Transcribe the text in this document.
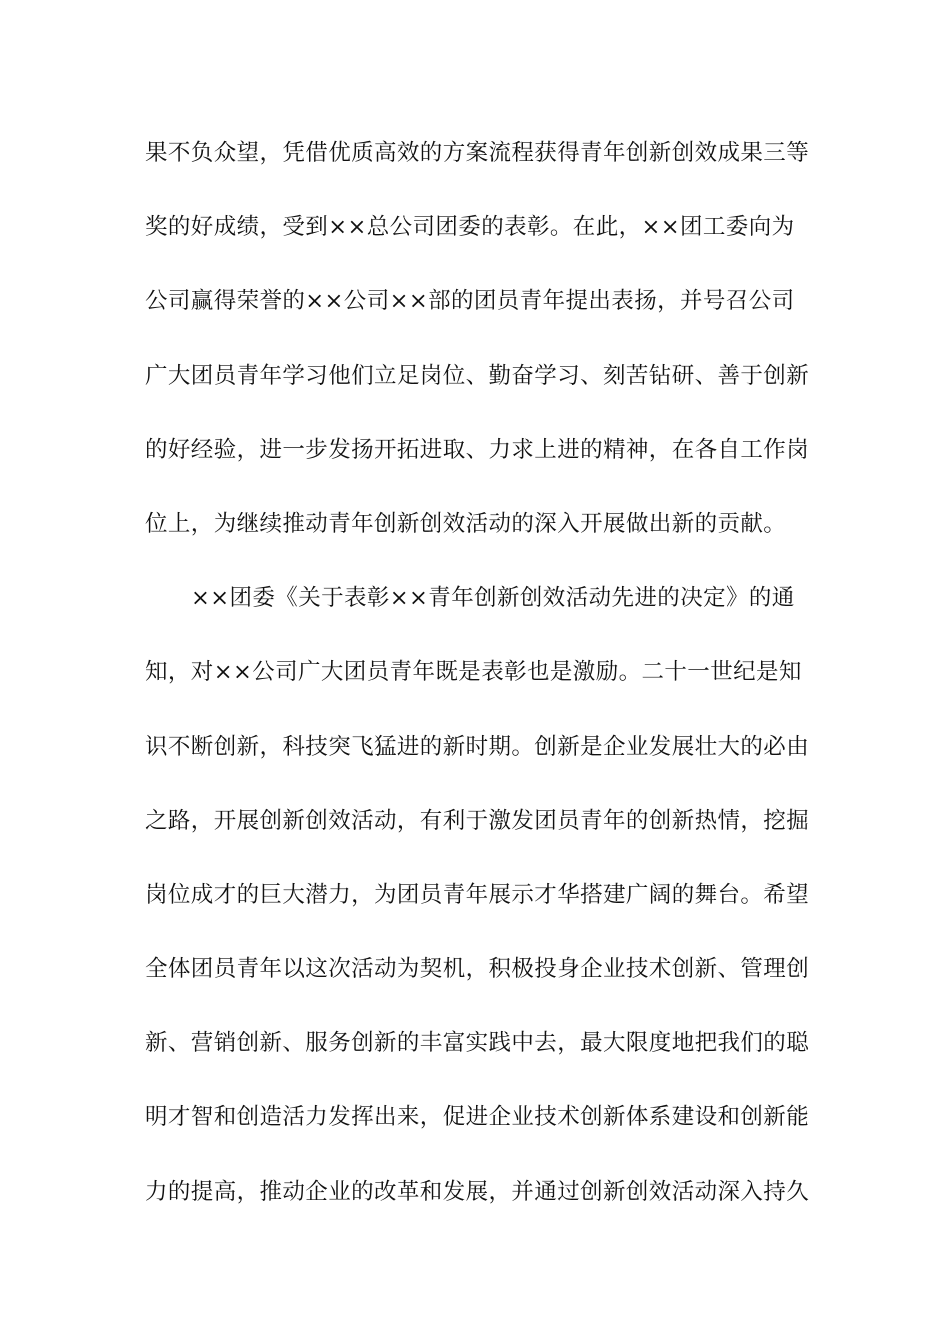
果不负众望，凭借优质高效的方案流程获得青年创新创效成果三等
奖的好成绩，受到××总公司团委的表彰。在此，××团工委向为
公司赢得荣誉的××公司××部的团员青年提出表扬，并号召公司
广大团员青年学习他们立足岗位、勤奋学习、刻苦钻研、善于创新
的好经验，进一步发扬开拓进取、力求上进的精神，在各自工作岗
位上，为继续推动青年创新创效活动的深入开展做出新的贡献。
××团委《关于表彰××青年创新创效活动先进的决定》的通
知，对××公司广大团员青年既是表彰也是激励。二十一世纪是知
识不断创新，科技突飞猛进的新时期。创新是企业发展壮大的必由
之路，开展创新创效活动，有利于激发团员青年的创新热情，挖掘
岗位成才的巨大潜力，为团员青年展示才华搭建广阔的舞台。希望
全体团员青年以这次活动为契机，积极投身企业技术创新、管理创
新、营销创新、服务创新的丰富实践中去，最大限度地把我们的聪
明才智和创造活力发挥出来，促进企业技术创新体系建设和创新能
力的提高，推动企业的改革和发展，并通过创新创效活动深入持久
